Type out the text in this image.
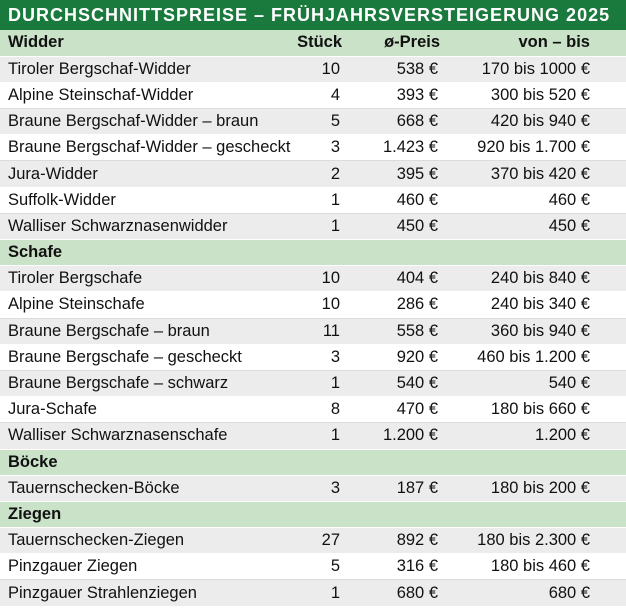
DURCHSCHNITTSPREISE – FRÜHJAHRSVERSTEIGERUNG 2025
Widder	Stück	ø-Preis	von – bis
Tiroler Bergschaf-Widder	10	538 €	170 bis 1000 €
Alpine Steinschaf-Widder	4	393 €	300 bis 520 €
Braune Bergschaf-Widder – braun	5	668 €	420 bis 940 €
Braune Bergschaf-Widder – gescheckt	3	1.423 €	920 bis 1.700 €
Jura-Widder	2	395 €	370 bis 420 €
Suffolk-Widder	1	460 €	460 €
Walliser Schwarznasenwidder	1	450 €	450 €
Schafe			
Tiroler Bergschafe	10	404 €	240 bis 840 €
Alpine Steinschafe	10	286 €	240 bis 340 €
Braune Bergschafe – braun	11	558 €	360 bis 940 €
Braune Bergschafe – gescheckt	3	920 €	460 bis 1.200 €
Braune Bergschafe – schwarz	1	540 €	540 €
Jura-Schafe	8	470 €	180 bis 660 €
Walliser Schwarznasenschafe	1	1.200 €	1.200 €
Böcke			
Tauernschecken-Böcke	3	187 €	180 bis 200 €
Ziegen			
Tauernschecken-Ziegen	27	892 €	180 bis 2.300 €
Pinzgauer Ziegen	5	316 €	180 bis 460 €
Pinzgauer Strahlenziegen	1	680 €	680 €
